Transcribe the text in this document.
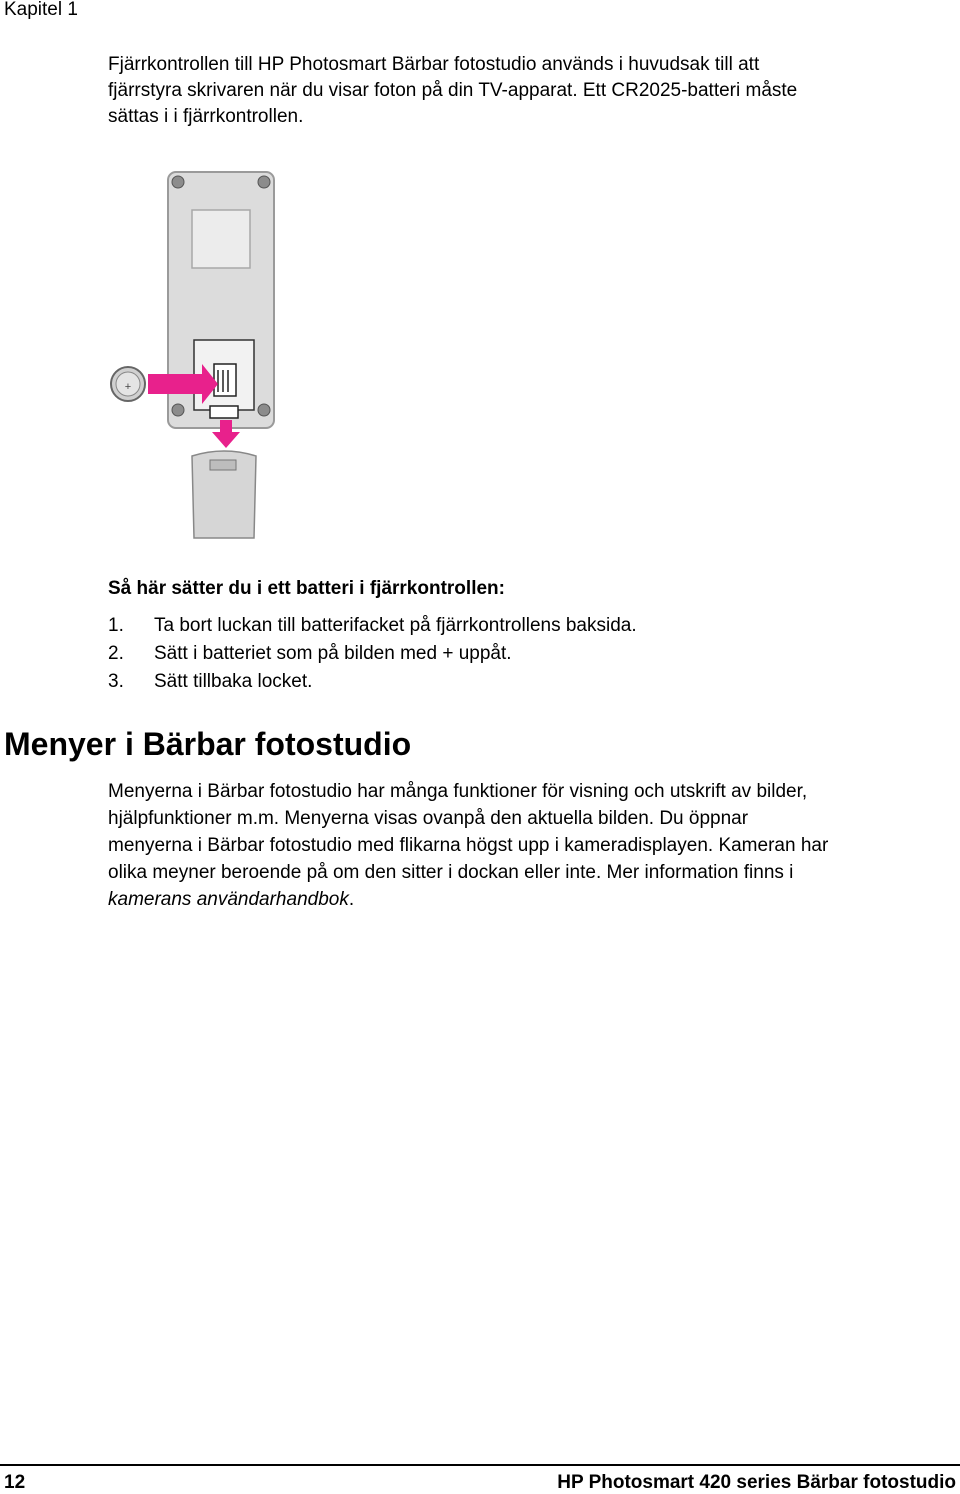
Kapitel 1

Fjärrkontrollen till HP Photosmart Bärbar fotostudio används i huvudsak till att

fjärrstyra skrivaren när du visar foton på din TV-apparat. Ett CR2025-batteri måste

sättas i i fjärrkontrollen.

+
Så här sätter du i ett batteri i fjärrkontrollen:
1.	Ta bort luckan till batterifacket på fjärrkontrollens baksida.
2.	Sätt i batteriet som på bilden med + uppåt.
3.	Sätt tillbaka locket.
Menyer i Bärbar fotostudio

Menyerna i Bärbar fotostudio har många funktioner för visning och utskrift av bilder,
hjälpfunktioner m.m. Menyerna visas ovanpå den aktuella bilden. Du öppnar
menyerna i Bärbar fotostudio med flikarna högst upp i kameradisplayen. Kameran har
olika meyner beroende på om den sitter i dockan eller inte. Mer information finns i
kamerans användarhandbok.

12	HP Photosmart 420 series Bärbar fotostudio
